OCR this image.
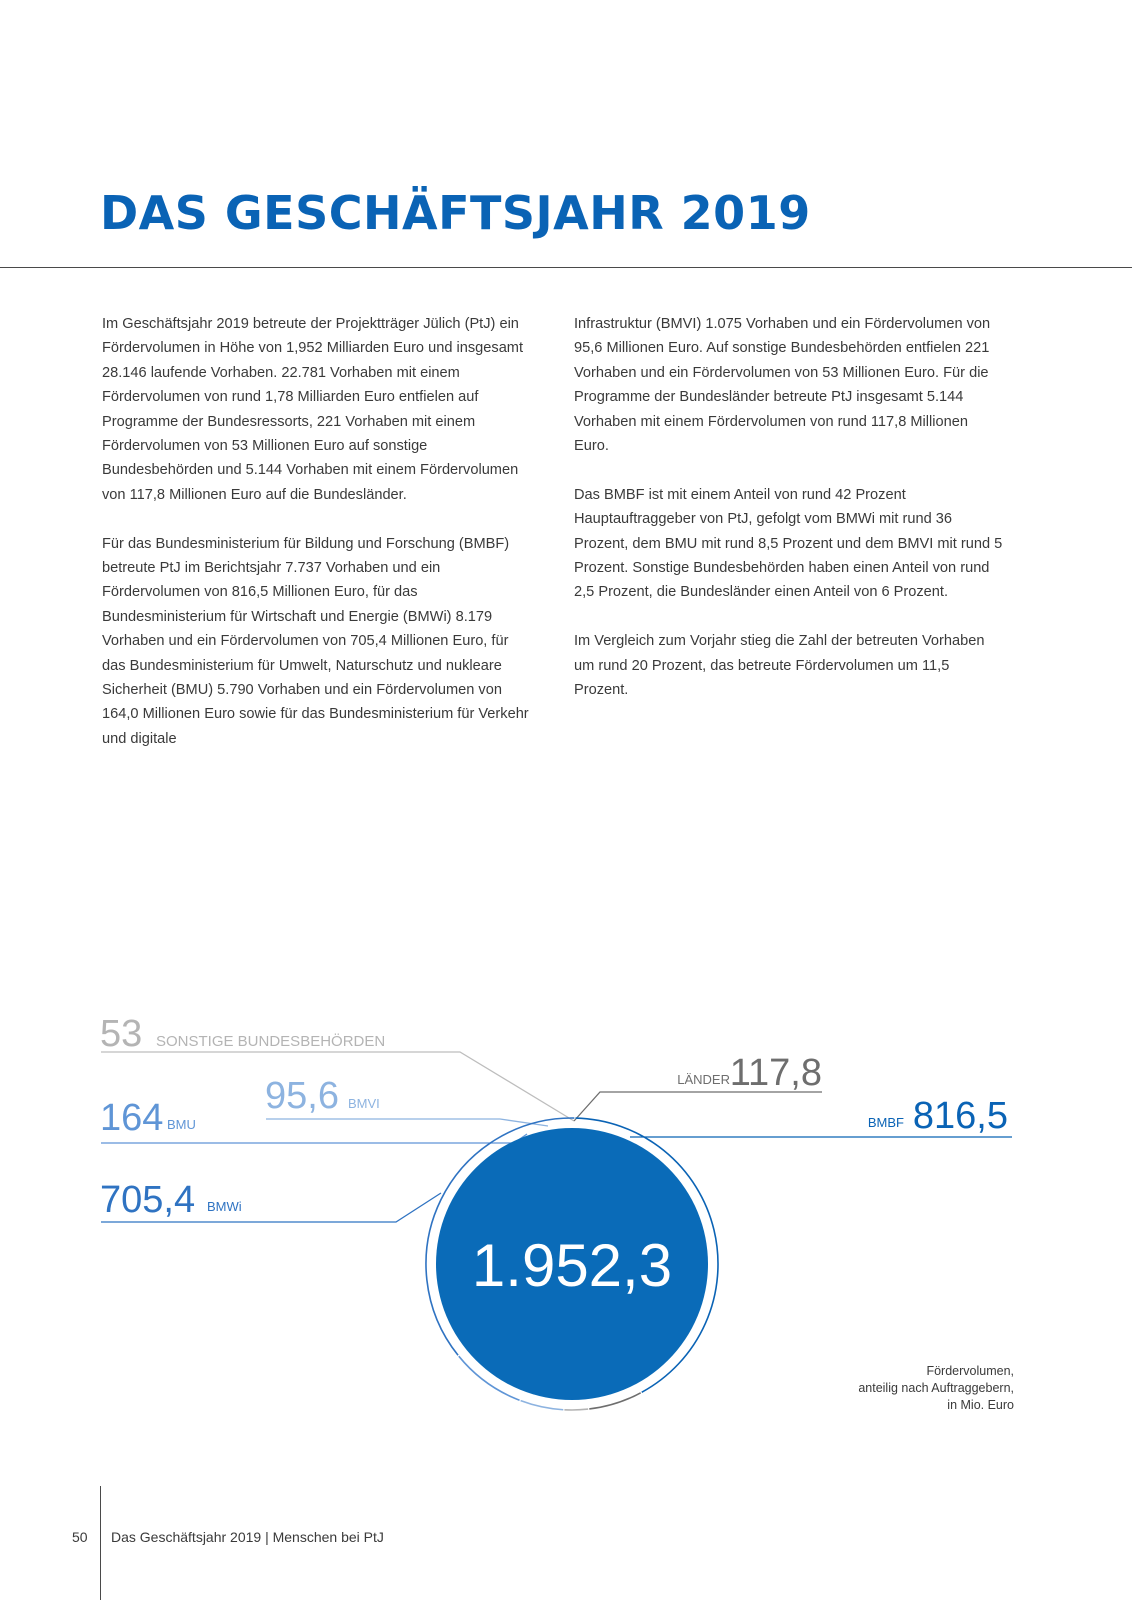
DAS GESCHÄFTSJAHR 2019

Im Geschäftsjahr 2019 betreute der Projektträger Jülich (PtJ) ein Fördervolumen in Höhe von 1,952 Milliarden Euro und insgesamt 28.146 laufende Vorhaben. 22.781 Vorhaben mit einem Fördervolumen von rund 1,78 Milliarden Euro entfielen auf Programme der Bundesressorts, 221 Vorhaben mit einem Fördervolumen von 53 Millionen Euro auf sonstige Bundesbehörden und 5.144 Vorhaben mit einem Fördervolumen von 117,8 Millionen Euro auf die Bundesländer.

Für das Bundesministerium für Bildung und Forschung (BMBF) betreute PtJ im Berichtsjahr 7.737 Vorhaben und ein Fördervolumen von 816,5 Millionen Euro, für das Bundesministerium für Wirtschaft und Energie (BMWi) 8.179 Vorhaben und ein Fördervolumen von 705,4 Millionen Euro, für das Bundesministerium für Umwelt, Naturschutz und nukleare Sicherheit (BMU) 5.790 Vorhaben und ein Fördervolumen von 164,0 Millionen Euro sowie für das Bundesministerium für Verkehr und digitale

Infrastruktur (BMVI) 1.075 Vorhaben und ein Fördervolumen von 95,6 Millionen Euro. Auf sonstige Bundesbehörden entfielen 221 Vorhaben und ein Fördervolumen von 53 Millionen Euro. Für die Programme der Bundesländer betreute PtJ insgesamt 5.144 Vorhaben mit einem Fördervolumen von rund 117,8 Millionen Euro.

Das BMBF ist mit einem Anteil von rund 42 Prozent Hauptauftraggeber von PtJ, gefolgt vom BMWi mit rund 36 Prozent, dem BMU mit rund 8,5 Prozent und dem BMVI mit rund 5 Prozent. Sonstige Bundesbehörden haben einen Anteil von rund 2,5 Prozent, die Bundesländer einen Anteil von 6 Prozent.

Im Vergleich zum Vorjahr stieg die Zahl der betreuten Vorhaben um rund 20 Prozent, das betreute Fördervolumen um 11,5 Prozent.

53 SONSTIGE BUNDESBEHÖRDEN
95,6 BMVI
164 BMU
705,4 BMWi
117,8
LÄNDER
816,5
BMBF
1.952,3
Fördervolumen,
anteilig nach Auftraggebern,
in Mio. Euro
50 Das Geschäftsjahr 2019 | Menschen bei PtJ
